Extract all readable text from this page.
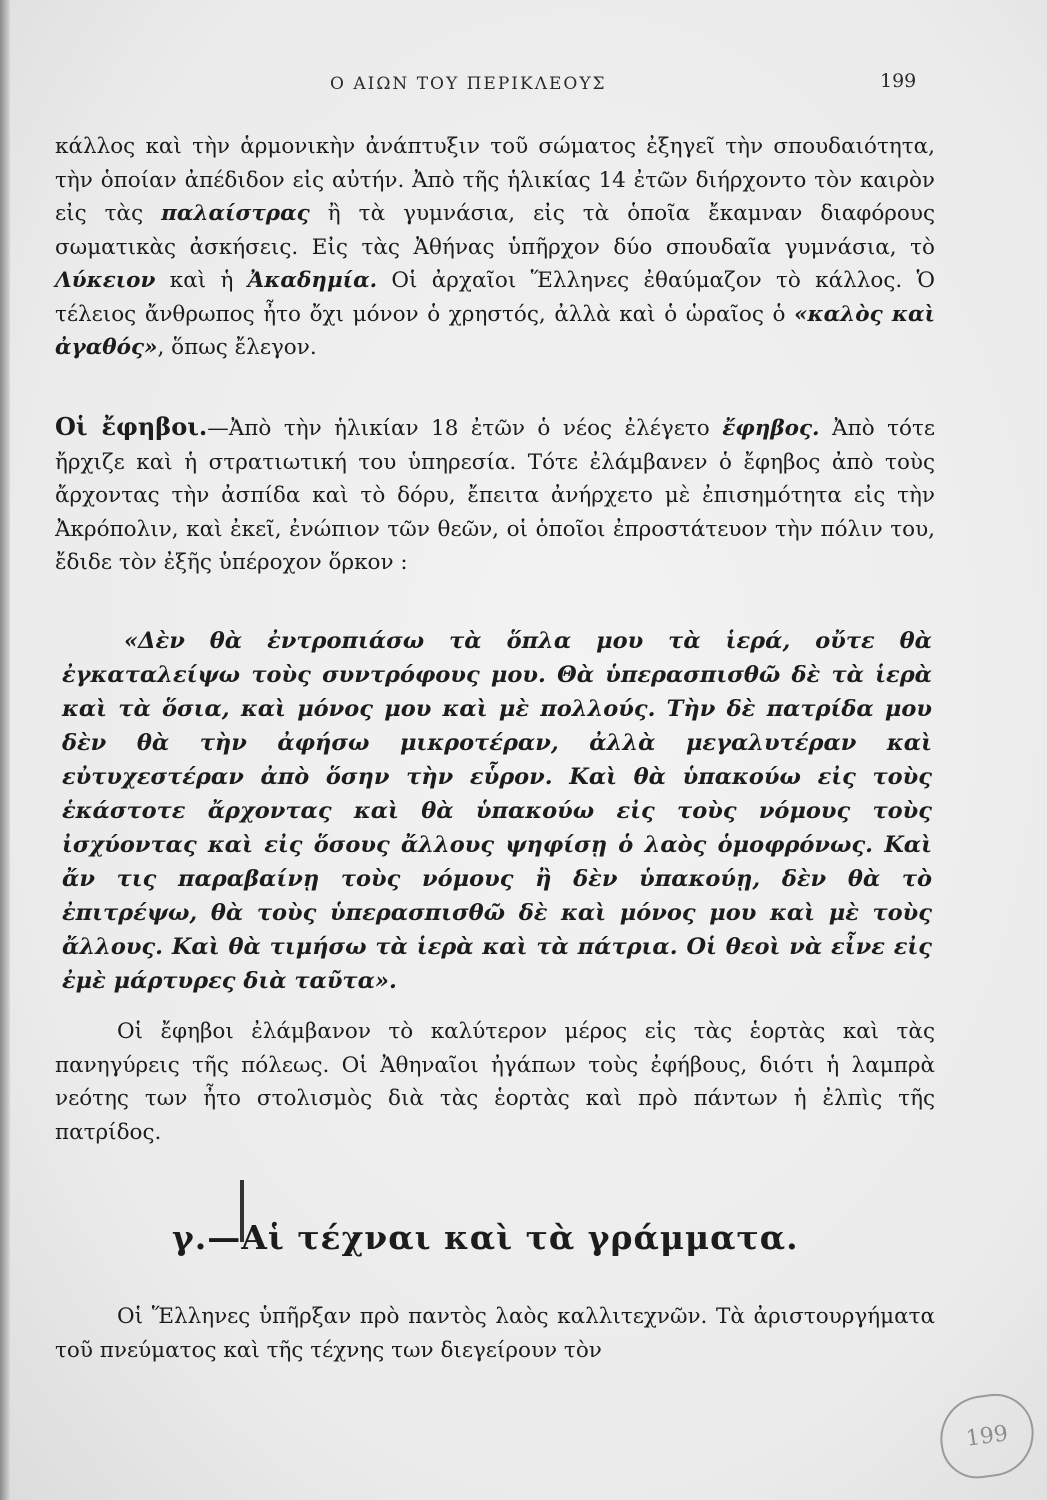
Ο ΑΙΩΝ ΤΟΥ ΠΕΡΙΚΛΕΟΥΣ	199

κάλλος καὶ τὴν ἁρμονικὴν ἀνάπτυξιν τοῦ σώματος ἐξηγεῖ τὴν σπουδαιότητα, τὴν ὁποίαν ἀπέδιδον εἰς αὐτήν. Ἀπὸ τῆς ἡλικίας 14 ἐτῶν διήρχοντο τὸν καιρὸν εἰς τὰς παλαίστρας ἢ τὰ γυμνάσια, εἰς τὰ ὁποῖα ἔκαμναν διαφόρους σωματικὰς ἀσκήσεις. Εἰς τὰς Ἀθήνας ὑπῆρχον δύο σπουδαῖα γυμνάσια, τὸ Λύκειον καὶ ἡ Ἀκαδημία. Οἱ ἀρχαῖοι Ἕλληνες ἐθαύμαζον τὸ κάλλος. Ὁ τέλειος ἄνθρωπος ἦτο ὄχι μόνον ὁ χρηστός, ἀλλὰ καὶ ὁ ὡραῖος ὁ «καλὸς καὶ ἀγαθός», ὅπως ἔλεγον.

Οἱ ἔφηβοι.—Ἀπὸ τὴν ἡλικίαν 18 ἐτῶν ὁ νέος ἐλέγετο ἔφηβος. Ἀπὸ τότε ἤρχιζε καὶ ἡ στρατιωτική του ὑπηρεσία. Τότε ἐλάμβανεν ὁ ἔφηβος ἀπὸ τοὺς ἄρχοντας τὴν ἀσπίδα καὶ τὸ δόρυ, ἔπειτα ἀνήρχετο μὲ ἐπισημότητα εἰς τὴν Ἀκρόπολιν, καὶ ἐκεῖ, ἐνώπιον τῶν θεῶν, οἱ ὁποῖοι ἐπροστάτευον τὴν πόλιν του, ἔδιδε τὸν ἐξῆς ὑπέροχον ὅρκον :

«Δὲν θὰ ἐντροπιάσω τὰ ὅπλα μου τὰ ἱερά, οὔτε θὰ ἐγκαταλείψω τοὺς συντρόφους μου. Θὰ ὑπερασπισθῶ δὲ τὰ ἱερὰ καὶ τὰ ὅσια, καὶ μόνος μου καὶ μὲ πολλούς. Τὴν δὲ πατρίδα μου δὲν θὰ τὴν ἀφήσω μικροτέραν, ἀλλὰ μεγαλυτέραν καὶ εὐτυχεστέραν ἀπὸ ὅσην τὴν εὗρον. Καὶ θὰ ὑπακούω εἰς τοὺς ἑκάστοτε ἄρχοντας καὶ θὰ ὑπακούω εἰς τοὺς νόμους τοὺς ἰσχύοντας καὶ εἰς ὅσους ἄλλους ψηφίσῃ ὁ λαὸς ὁμοφρόνως. Καὶ ἄν τις παραβαίνῃ τοὺς νόμους ἢ δὲν ὑπακούῃ, δὲν θὰ τὸ ἐπιτρέψω, θὰ τοὺς ὑπερασπισθῶ δὲ καὶ μόνος μου καὶ μὲ τοὺς ἄλλους. Καὶ θὰ τιμήσω τὰ ἱερὰ καὶ τὰ πάτρια. Οἱ θεοὶ νὰ εἶνε εἰς ἐμὲ μάρτυρες διὰ ταῦτα».

Οἱ ἔφηβοι ἐλάμβανον τὸ καλύτερον μέρος εἰς τὰς ἑορτὰς καὶ τὰς πανηγύρεις τῆς πόλεως. Οἱ Ἀθηναῖοι ἠγάπων τοὺς ἐφήβους, διότι ἡ λαμπρὰ νεότης των ἦτο στολισμὸς διὰ τὰς ἑορτὰς καὶ πρὸ πάντων ἡ ἐλπὶς τῆς πατρίδος.

γ.—Αἱ τέχναι καὶ τὰ γράμματα.

Οἱ Ἕλληνες ὑπῆρξαν πρὸ παντὸς λαὸς καλλιτεχνῶν. Τὰ ἀριστουργήματα τοῦ πνεύματος καὶ τῆς τέχνης των διεγείρουν τὸν

199
